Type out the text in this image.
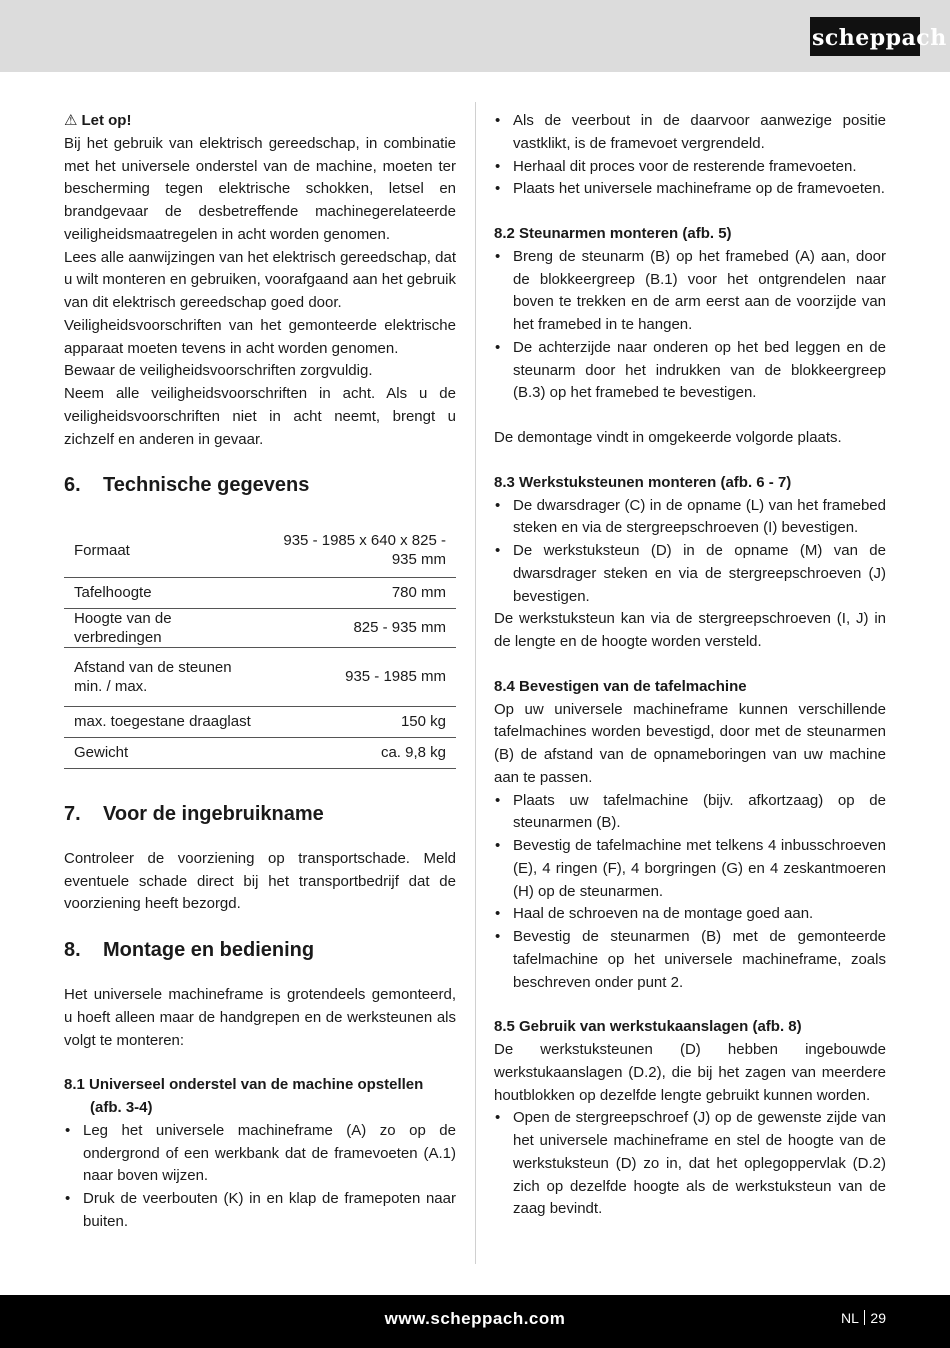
scheppach
⚠ Let op!

Bij het gebruik van elektrisch gereedschap, in combinatie met het universele onderstel van de machine, moeten ter bescherming tegen elektrische schokken, letsel en brandgevaar de desbetreffende machinegerelateerde veiligheidsmaatregelen in acht worden genomen.

Lees alle aanwijzingen van het elektrisch gereedschap, dat u wilt monteren en gebruiken, voorafgaand aan het gebruik van dit elektrisch gereedschap goed door.

Veiligheidsvoorschriften van het gemonteerde elektrische apparaat moeten tevens in acht worden genomen.

Bewaar de veiligheidsvoorschriften zorgvuldig.

Neem alle veiligheidsvoorschriften in acht. Als u de veiligheidsvoorschriften niet in acht neemt, brengt u zichzelf en anderen in gevaar.

6.	Technische gegevens
Formaat	935 - 1985 x 640 x 825 - 935 mm
Tafelhoogte	780 mm
Hoogte van de verbredingen	825 - 935 mm
Afstand van de steunen min. / max.	935 - 1985 mm
max. toegestane draaglast	150 kg
Gewicht	ca. 9,8 kg
7.	Voor de ingebruikname

Controleer de voorziening op transportschade. Meld eventuele schade direct bij het transportbedrijf dat de voorziening heeft bezorgd.

8.	Montage en bediening

Het universele machineframe is grotendeels gemonteerd, u hoeft alleen maar de handgrepen en de werksteunen als volgt te monteren:

8.1 Universeel onderstel van de machine opstellen
(afb. 3-4)
• Leg het universele machineframe (A) zo op de ondergrond of een werkbank dat de framevoeten (A.1) naar boven wijzen.
• Druk de veerbouten (K) in en klap de framepoten naar buiten.
• Als de veerbout in de daarvoor aanwezige positie vastklikt, is de framevoet vergrendeld.
• Herhaal dit proces voor de resterende framevoeten.
• Plaats het universele machineframe op de framevoeten.
8.2 Steunarmen monteren (afb. 5)
• Breng de steunarm (B) op het framebed (A) aan, door de blokkeergreep (B.1) voor het ontgrendelen naar boven te trekken en de arm eerst aan de voorzijde van het framebed in te hangen.
• De achterzijde naar onderen op het bed leggen en de steunarm door het indrukken van de blokkeergreep (B.3) op het framebed te bevestigen.

De demontage vindt in omgekeerde volgorde plaats.

8.3 Werkstuksteunen monteren (afb. 6 - 7)
• De dwarsdrager (C) in de opname (L) van het framebed steken en via de stergreepschroeven (I) bevestigen.
• De werkstuksteun (D) in de opname (M) van de dwarsdrager steken en via de stergreepschroeven (J) bevestigen.

De werkstuksteun kan via de stergreepschroeven (I, J) in de lengte en de hoogte worden versteld.

8.4 Bevestigen van de tafelmachine

Op uw universele machineframe kunnen verschillende tafelmachines worden bevestigd, door met de steunarmen (B) de afstand van de opnameboringen van uw machine aan te passen.

• Plaats uw tafelmachine (bijv. afkortzaag) op de steunarmen (B).
• Bevestig de tafelmachine met telkens 4 inbusschroeven (E), 4 ringen (F), 4 borgringen (G) en 4 zeskantmoeren (H) op de steunarmen.
• Haal de schroeven na de montage goed aan.
• Bevestig de steunarmen (B) met de gemonteerde tafelmachine op het universele machineframe, zoals beschreven onder punt 2.
8.5 Gebruik van werkstukaanslagen (afb. 8)

De werkstuksteunen (D) hebben ingebouwde werkstukaanslagen (D.2), die bij het zagen van meerdere houtblokken op dezelfde lengte gebruikt kunnen worden.

• Open de stergreepschroef (J) op de gewenste zijde van het universele machineframe en stel de hoogte van de werkstuksteun (D) zo in, dat het oplegoppervlak (D.2) zich op dezelfde hoogte als de werkstuksteun van de zaag bevindt.
www.scheppach.com	NL 29
